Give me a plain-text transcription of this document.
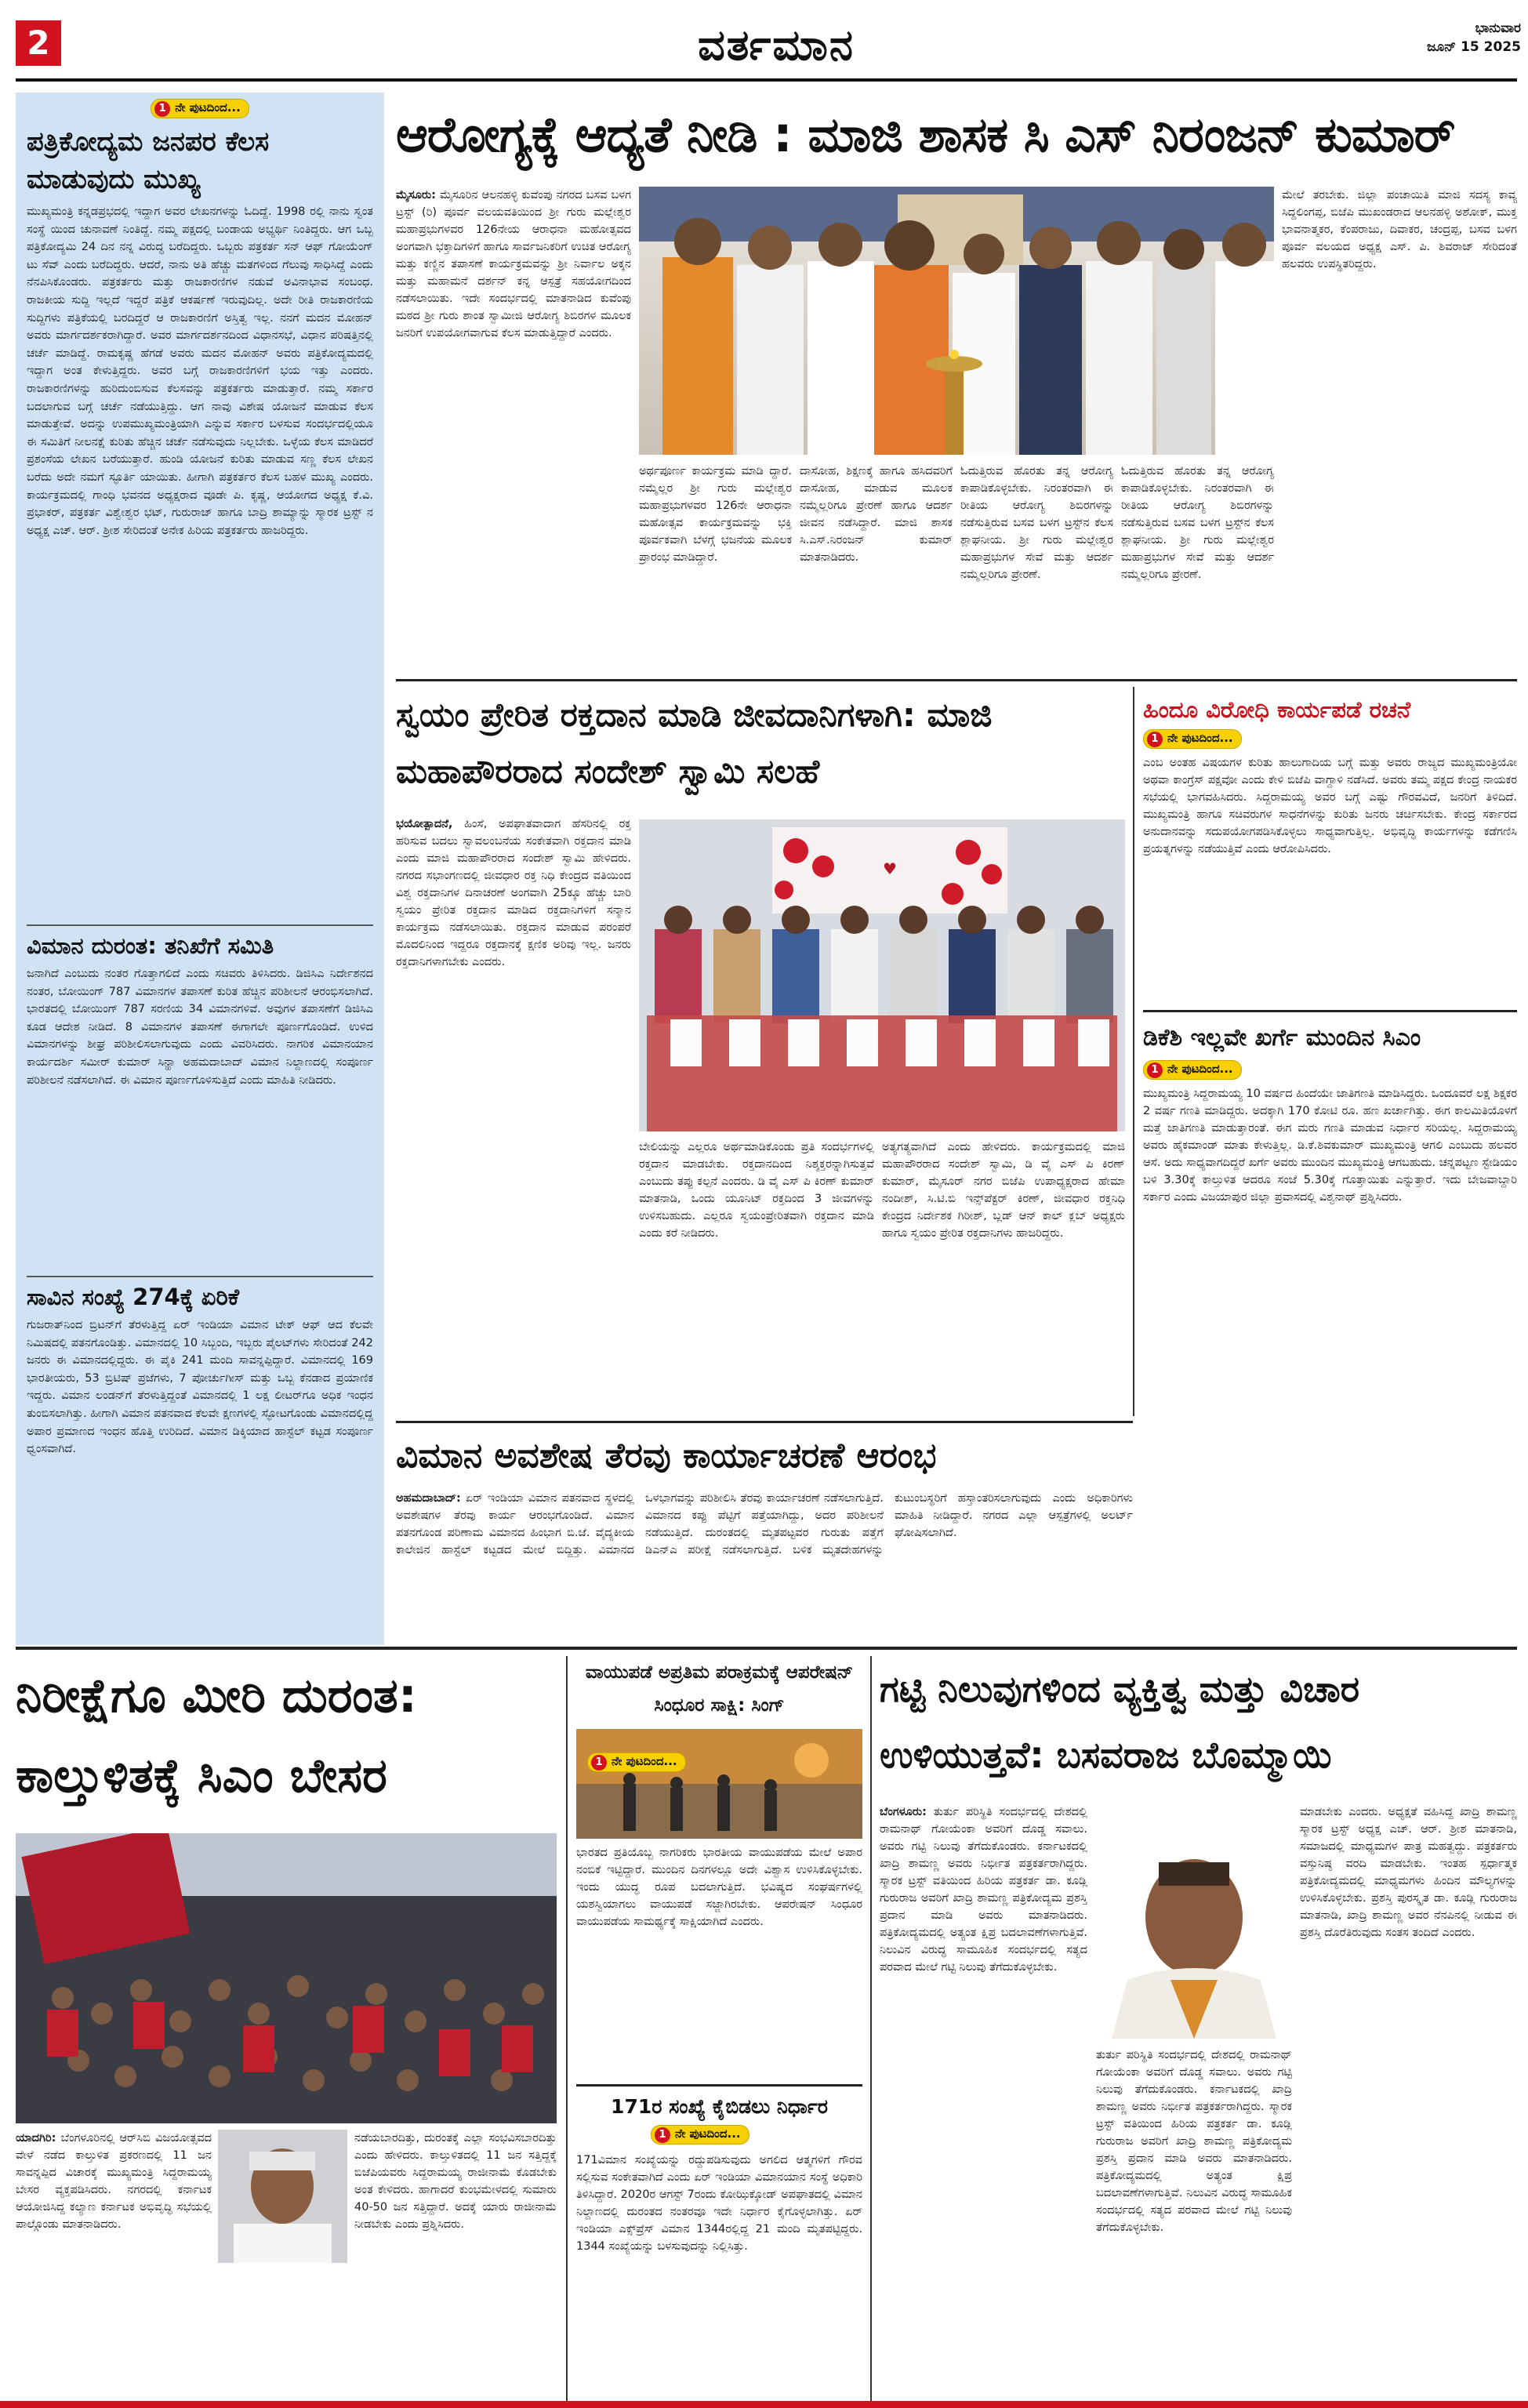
2	ವರ್ತಮಾನ	ಭಾನುವಾರ
ಜೂನ್ 15 2025
1 ನೇ ಪುಟದಿಂದ...
ಪತ್ರಿಕೋದ್ಯಮ ಜನಪರ ಕೆಲಸ ಮಾಡುವುದು ಮುಖ್ಯ
ಮುಖ್ಯಮಂತ್ರಿ ಕನ್ನಡಪ್ರಭದಲ್ಲಿ ಇದ್ದಾಗ ಅವರ ಲೇಖನಗಳನ್ನು ಓದಿದ್ದೆ. 1998 ರಲ್ಲಿ ನಾನು ಸ್ವಂತ ಸಂಸ್ಥೆ ಯಿಂದ ಚುನಾವಣೆ ನಿಂತಿದ್ದೆ. ನಮ್ಮ ಪಕ್ಷದಲ್ಲಿ ಬಂಡಾಯ ಅಭ್ಯರ್ಥಿ ನಿಂತಿದ್ದರು. ಆಗ ಒಬ್ಬ ಪತ್ರಿಕೋದ್ಯಮಿ 24 ದಿನ ನನ್ನ ವಿರುದ್ಧ ಬರೆದಿದ್ದರು. ಒಬ್ಬರು ಪತ್ರಕರ್ತ ಸನ್ ಆಫ್ ಗೋಯೆಂಗ್ ಟು ಸೆವ್ ಎಂದು ಬರೆದಿದ್ದರು. ಆದರೆ, ನಾನು ಅತಿ ಹೆಚ್ಚು ಮತಗಳಿಂದ ಗೆಲುವು ಸಾಧಿಸಿದ್ದೆ ಎಂದು ನೆನಪಿಸಿಕೊಂಡರು. ಪತ್ರಕರ್ತರು ಮತ್ತು ರಾಜಕಾರಣಿಗಳ ನಡುವೆ ಅವಿನಾಭಾವ ಸಂಬಂಧ. ರಾಜಕೀಯ ಸುದ್ದಿ ಇಲ್ಲದೆ ಇದ್ದರೆ ಪತ್ರಿಕೆ ಆಕರ್ಷಣೆ ಇರುವುದಿಲ್ಲ. ಅದೇ ರೀತಿ ರಾಜಕಾರಣಿಯ ಸುದ್ದಿಗಳು ಪತ್ರಿಕೆಯಲ್ಲಿ ಬರದಿದ್ದರೆ ಆ ರಾಜಕಾರಣಿಗೆ ಅಸ್ತಿತ್ವ ಇಲ್ಲ. ನನಗೆ ಮದನ ಮೋಹನ್ ಅವರು ಮಾರ್ಗದರ್ಶಕರಾಗಿದ್ದಾರೆ. ಅವರ ಮಾರ್ಗದರ್ಶನದಿಂದ ವಿಧಾನಸಭೆ, ವಿಧಾನ ಪರಿಷತ್ತಿನಲ್ಲಿ ಚರ್ಚೆ ಮಾಡಿದ್ದೆ. ರಾಮಕೃಷ್ಣ ಹೆಗಡೆ ಅವರು ಮದನ ಮೋಹನ್ ಅವರು ಪತ್ರಿಕೋದ್ಯಮದಲ್ಲಿ ಇದ್ದಾಗ ಅಂತ ಕೇಳುತ್ತಿದ್ದರು. ಅವರ ಬಗ್ಗೆ ರಾಜಕಾರಣಿಗಳಿಗೆ ಭಯ ಇತ್ತು ಎಂದರು. ರಾಜಕಾರಣಿಗಳನ್ನು ಹುರಿದುಂಬಿಸುವ ಕೆಲಸವನ್ನು ಪತ್ರಕರ್ತರು ಮಾಡುತ್ತಾರೆ. ನಮ್ಮ ಸರ್ಕಾರ ಬದಲಾಗುವ ಬಗ್ಗೆ ಚರ್ಚೆ ನಡೆಯುತ್ತಿದ್ದು. ಆಗ ನಾವು ವಿಶೇಷ ಯೋಜನೆ ಮಾಡುವ ಕೆಲಸ ಮಾಡುತ್ತೇವೆ. ಅದನ್ನು ಉಪಮುಖ್ಯಮಂತ್ರಿಯಾಗಿ ಎನ್ನುವ ಸರ್ಕಾರ ಬಳಸುವ ಸಂದರ್ಭದಲ್ಲಿಯೂ ಈ ಸಮಿತಿಗೆ ನೀಲನಕ್ಷೆ ಕುರಿತು ಹೆಚ್ಚಿನ ಚರ್ಚೆ ನಡೆಸುವುದು ನಿಲ್ಲಬೇಕು. ಒಳ್ಳೆಯ ಕೆಲಸ ಮಾಡಿದರೆ ಪ್ರಶಂಸೆಯ ಲೇಖನ ಬರೆಯುತ್ತಾರೆ. ಹುಂಡಿ ಯೋಜನೆ ಕುರಿತು ಮಾಡುವ ಸಣ್ಣ ಕೆಲಸ ಲೇಖನ ಬರೆದು ಅದೇ ನಮಗೆ ಸ್ಫೂರ್ತಿ ಯಾಯಿತು. ಹೀಗಾಗಿ ಪತ್ರಕರ್ತರ ಕೆಲಸ ಬಹಳ ಮುಖ್ಯ ಎಂದರು. ಕಾರ್ಯಕ್ರಮದಲ್ಲಿ ಗಾಂಧಿ ಭವನದ ಅಧ್ಯಕ್ಷರಾದ ವೂಡೇ ಪಿ. ಕೃಷ್ಣ, ಆಯೋಗದ ಅಧ್ಯಕ್ಷ ಕೆ.ವಿ. ಪ್ರಭಾಕರ್, ಪತ್ರಕರ್ತ ವಿಶ್ವೇಶ್ವರ ಭಟ್, ಗುರುರಾಜ್ ಹಾಗೂ ಬಾದ್ರಿ ಶಾಮ್ಯಾನ್ನು ಸ್ಮಾರಕ ಟ್ರಸ್ಟ್ ನ ಅಧ್ಯಕ್ಷ ಎಚ್. ಆರ್. ಶ್ರೀಶ ಸೇರಿದಂತೆ ಅನೇಕ ಹಿರಿಯ ಪತ್ರಕರ್ತರು ಹಾಜರಿದ್ದರು.
ವಿಮಾನ ದುರಂತ: ತನಿಖೆಗೆ ಸಮಿತಿ
ಜನಾಗಿದೆ ಎಂಬುದು ನಂತರ ಗೊತ್ತಾಗಲಿದೆ ಎಂದು ಸಚಿವರು ತಿಳಿಸಿದರು. ಡಿಜಿಸಿಎ ನಿರ್ದೇಶನದ ನಂತರ, ಬೋಯಿಂಗ್ 787 ವಿಮಾನಗಳ ತಪಾಸಣೆ ಕುರಿತ ಹೆಚ್ಚಿನ ಪರಿಶೀಲನೆ ಆರಂಭಿಸಲಾಗಿದೆ. ಭಾರತದಲ್ಲಿ ಬೋಯಿಂಗ್ 787 ಸರಣಿಯ 34 ವಿಮಾನಗಳಿವೆ. ಅವುಗಳ ತಪಾಸಣೆಗೆ ಡಿಜಿಸಿಎ ಕೂಡ ಆದೇಶ ನೀಡಿದೆ. 8 ವಿಮಾನಗಳ ತಪಾಸಣೆ ಈಗಾಗಲೇ ಪೂರ್ಣಗೊಂಡಿದೆ. ಉಳಿದ ವಿಮಾನಗಳನ್ನು ಶೀಘ್ರ ಪರಿಶೀಲಿಸಲಾಗುವುದು ಎಂದು ವಿವರಿಸಿದರು. ನಾಗರಿಕ ವಿಮಾನಯಾನ ಕಾರ್ಯದರ್ಶಿ ಸಮೀರ್ ಕುಮಾರ್ ಸಿನ್ಹಾ ಅಹಮದಾಬಾದ್ ವಿಮಾನ ನಿಲ್ದಾಣದಲ್ಲಿ ಸಂಪೂರ್ಣ ಪರಿಶೀಲನೆ ನಡೆಸಲಾಗಿದೆ. ಈ ವಿಮಾನ ಪೂರ್ಣಗೊಳಿಸುತ್ತಿದೆ ಎಂದು ಮಾಹಿತಿ ನೀಡಿದರು.
ಸಾವಿನ ಸಂಖ್ಯೆ 274ಕ್ಕೆ ಏರಿಕೆ
ಗುಜರಾತ್‌ನಿಂದ ಬ್ರಿಟನ್‌ಗೆ ತೆರಳುತ್ತಿದ್ದ ಏರ್ ಇಂಡಿಯಾ ವಿಮಾನ ಟೇಕ್ ಆಫ್ ಆದ ಕೆಲವೇ ನಿಮಿಷದಲ್ಲಿ ಪತನಗೊಂಡಿತ್ತು. ವಿಮಾನದಲ್ಲಿ 10 ಸಿಬ್ಬಂದಿ, ಇಬ್ಬರು ಪೈಲಟ್‌ಗಳು ಸೇರಿದಂತೆ 242 ಜನರು ಈ ವಿಮಾನದಲ್ಲಿದ್ದರು. ಈ ಪೈಕಿ 241 ಮಂದಿ ಸಾವನ್ನಪ್ಪಿದ್ದಾರೆ. ವಿಮಾನದಲ್ಲಿ 169 ಭಾರತೀಯರು, 53 ಬ್ರಿಟಿಷ್ ಪ್ರಜೆಗಳು, 7 ಪೋರ್ಚುಗೀಸ್ ಮತ್ತು ಒಬ್ಬ ಕೆನಡಾದ ಪ್ರಯಾಣಿಕ ಇದ್ದರು. ವಿಮಾನ ಲಂಡನ್‌ಗೆ ತೆರಳುತ್ತಿದ್ದಂತೆ ವಿಮಾನದಲ್ಲಿ 1 ಲಕ್ಷ ಲೀಟರ್‌ಗೂ ಅಧಿಕ ಇಂಧನ ತುಂಬಿಸಲಾಗಿತ್ತು. ಹೀಗಾಗಿ ವಿಮಾನ ಪತನವಾದ ಕೆಲವೇ ಕ್ಷಣಗಳಲ್ಲಿ ಸ್ಫೋಟಗೊಂಡು ವಿಮಾನದಲ್ಲಿದ್ದ ಅಪಾರ ಪ್ರಮಾಣದ ಇಂಧನ ಹೊತ್ತಿ ಉರಿದಿದೆ. ವಿಮಾನ ಡಿಕ್ಕಿಯಾದ ಹಾಸ್ಟೆಲ್ ಕಟ್ಟಡ ಸಂಪೂರ್ಣ ಧ್ವಂಸವಾಗಿದೆ.
ಆರೋಗ್ಯಕ್ಕೆ ಆದ್ಯತೆ ನೀಡಿ : ಮಾಜಿ ಶಾಸಕ ಸಿ ಎಸ್ ನಿರಂಜನ್ ಕುಮಾರ್
ಮೈಸೂರು: ಮೈಸೂರಿನ ಆಲನಹಳ್ಳಿ ಕುವೆಂಪು ನಗರದ ಬಸವ ಬಳಗ ಟ್ರಸ್ಟ್ (ರಿ) ಪೂರ್ವ ವಲಯವತಿಯಿಂದ ಶ್ರೀ ಗುರು ಮಲ್ಲೇಶ್ವರ ಮಹಾಪ್ರಭುಗಳವರ 126ನೇಯ ಆರಾಧನಾ ಮಹೋತ್ಸವದ ಅಂಗವಾಗಿ ಭಕ್ತಾದಿಗಳಿಗೆ ಹಾಗೂ ಸಾರ್ವಜನಿಕರಿಗೆ ಉಚಿತ ಆರೋಗ್ಯ ಮತ್ತು ಕಣ್ಣಿನ ತಪಾಸಣೆ ಕಾರ್ಯಕ್ರಮವನ್ನು ಶ್ರೀ ನಿರ್ವಾಲ ಅಕ್ಕನ ಮತ್ತು ಮಹಾಮನೆ ದರ್ಶನ್ ಕನ್ನ ಆಸ್ಪತ್ರೆ ಸಹಯೋಗದಿಂದ ನಡೆಸಲಾಯಿತು. ಇದೇ ಸಂದರ್ಭದಲ್ಲಿ ಮಾತನಾಡಿದ ಕುವೆಂಪು ಮಠದ ಶ್ರೀ ಗುರು ಶಾಂತ ಸ್ವಾಮೀಜಿ ಆರೋಗ್ಯ ಶಿಬಿರಗಳ ಮೂಲಕ ಜನರಿಗೆ ಉಪಯೋಗವಾಗುವ ಕೆಲಸ ಮಾಡುತ್ತಿದ್ದಾರೆ ಎಂದರು.
ಅರ್ಥಪೂರ್ಣ ಕಾರ್ಯಕ್ರಮ ಮಾಡಿ ದ್ದಾರೆ. ನಮ್ಮೆಲ್ಲರ ಶ್ರೀ ಗುರು ಮಲ್ಲೇಶ್ವರ ಮಹಾಪ್ರಭುಗಳವರ 126ನೇ ಆರಾಧನಾ ಮಹೋತ್ಸವ ಕಾರ್ಯಕ್ರಮವನ್ನು ಭಕ್ತಿ ಪೂರ್ವಕವಾಗಿ ಬೆಳಗ್ಗೆ ಭಜನೆಯ ಮೂಲಕ ಪ್ರಾರಂಭ ಮಾಡಿದ್ದಾರೆ.
ದಾಸೋಹ, ಶಿಕ್ಷಣಕ್ಕೆ ಹಾಗೂ ಹಸಿದವರಿಗೆ ದಾಸೋಹ, ಮಾಡುವ ಮೂಲಕ ನಮ್ಮೆಲ್ಲರಿಗೂ ಪ್ರೇರಣೆ ಹಾಗೂ ಆದರ್ಶ ಜೀವನ ನಡೆಸಿದ್ದಾರೆ. ಮಾಜಿ ಶಾಸಕ ಸಿ.ಎಸ್.ನಿರಂಜನ್ ಕುಮಾರ್ ಮಾತನಾಡಿದರು.
ಓದುತ್ತಿರುವ ಹೊರತು ತನ್ನ ಆರೋಗ್ಯ ಕಾಪಾಡಿಕೊಳ್ಳಬೇಕು. ನಿರಂತರವಾಗಿ ಈ ರೀತಿಯ ಆರೋಗ್ಯ ಶಿಬಿರಗಳನ್ನು ನಡೆಸುತ್ತಿರುವ ಬಸವ ಬಳಗ ಟ್ರಸ್ಟ್‌ನ ಕೆಲಸ ಶ್ಲಾಘನೀಯ. ಶ್ರೀ ಗುರು ಮಲ್ಲೇಶ್ವರ ಮಹಾಪ್ರಭುಗಳ ಸೇವೆ ಮತ್ತು ಆದರ್ಶ ನಮ್ಮೆಲ್ಲರಿಗೂ ಪ್ರೇರಣೆ.
ಓದುತ್ತಿರುವ ಹೊರತು ತನ್ನ ಆರೋಗ್ಯ ಕಾಪಾಡಿಕೊಳ್ಳಬೇಕು. ನಿರಂತರವಾಗಿ ಈ ರೀತಿಯ ಆರೋಗ್ಯ ಶಿಬಿರಗಳನ್ನು ನಡೆಸುತ್ತಿರುವ ಬಸವ ಬಳಗ ಟ್ರಸ್ಟ್‌ನ ಕೆಲಸ ಶ್ಲಾಘನೀಯ. ಶ್ರೀ ಗುರು ಮಲ್ಲೇಶ್ವರ ಮಹಾಪ್ರಭುಗಳ ಸೇವೆ ಮತ್ತು ಆದರ್ಶ ನಮ್ಮೆಲ್ಲರಿಗೂ ಪ್ರೇರಣೆ.
ಮೇಲೆ ತರಬೇಕು. ಜಿಲ್ಲಾ ಪಂಚಾಯಿತಿ ಮಾಜಿ ಸದಸ್ಯ ಕಾವ್ಯ ಸಿದ್ದಲಿಂಗಪ್ಪ, ಬಿಜೆಪಿ ಮುಖಂಡರಾದ ಆಲನಹಳ್ಳಿ ಅಶೋಕ್, ಮುಕ್ತ ಭಾವನಾತ್ಮಕರ, ಕೆಂಪರಾಜು, ದಿವಾಕರ, ಚಂದ್ರಪ್ಪ, ಬಸವ ಬಳಗ ಪೂರ್ವ ವಲಯದ ಅಧ್ಯಕ್ಷ ಎಸ್. ಪಿ. ಶಿವರಾಜ್ ಸೇರಿದಂತೆ ಹಲವರು ಉಪಸ್ಥಿತರಿದ್ದರು.
ಸ್ವಯಂ ಪ್ರೇರಿತ ರಕ್ತದಾನ ಮಾಡಿ ಜೀವದಾನಿಗಳಾಗಿ: ಮಾಜಿ ಮಹಾಪೌರರಾದ ಸಂದೇಶ್ ಸ್ವಾಮಿ ಸಲಹೆ
ಭಯೋತ್ಪಾದನೆ, ಹಿಂಸೆ, ಅಪಘಾತವಾದಾಗ ಹೆಸರಿನಲ್ಲಿ ರಕ್ತ ಹರಿಸುವ ಬದಲು ಸ್ವಾವಲಂಬನೆಯ ಸಂಕೇತವಾಗಿ ರಕ್ತದಾನ ಮಾಡಿ ಎಂದು ಮಾಜಿ ಮಹಾಪೌರರಾದ ಸಂದೇಶ್ ಸ್ವಾಮಿ ಹೇಳಿದರು. ನಗರದ ಸಭಾಂಗಣದಲ್ಲಿ ಜೀವಧಾರ ರಕ್ತ ನಿಧಿ ಕೇಂದ್ರದ ವತಿಯಿಂದ ವಿಶ್ವ ರಕ್ತದಾನಿಗಳ ದಿನಾಚರಣೆ ಅಂಗವಾಗಿ 25ಕ್ಕೂ ಹೆಚ್ಚು ಬಾರಿ ಸ್ವಯಂ ಪ್ರೇರಿತ ರಕ್ತದಾನ ಮಾಡಿದ ರಕ್ತದಾನಿಗಳಿಗೆ ಸನ್ಮಾನ ಕಾರ್ಯಕ್ರಮ ನಡೆಸಲಾಯಿತು. ರಕ್ತದಾನ ಮಾಡುವ ಪರಂಪರೆ ಮೊದಲಿನಿಂದ ಇದ್ದರೂ ರಕ್ತದಾನಕ್ಕೆ ಕ್ಷಣಿಕ ಅರಿವು ಇಲ್ಲ. ಜನರು ರಕ್ತದಾನಿಗಳಾಗಬೇಕು ಎಂದರು.
♥
ಬೇಲಿಯನ್ನು ಎಲ್ಲರೂ ಅರ್ಥಮಾಡಿಕೊಂಡು ಪ್ರತಿ ಸಂದರ್ಭಗಳಲ್ಲಿ ರಕ್ತದಾನ ಮಾಡಬೇಕು. ರಕ್ತದಾನದಿಂದ ನಿಶ್ಶಕ್ತರನ್ನಾಗಿಸುತ್ತವೆ ಎಂಬುದು ತಪ್ಪು ಕಲ್ಪನೆ ಎಂದರು. ಡಿ ವೈ ಎಸ್ ಪಿ ಕಿರಣ್ ಕುಮಾರ್ ಮಾತನಾಡಿ, ಒಂದು ಯೂನಿಟ್ ರಕ್ತದಿಂದ 3 ಜೀವಗಳನ್ನು ಉಳಿಸಬಹುದು. ಎಲ್ಲರೂ ಸ್ವಯಂಪ್ರೇರಿತವಾಗಿ ರಕ್ತದಾನ ಮಾಡಿ ಎಂದು ಕರೆ ನೀಡಿದರು.
ಅತ್ಯಗತ್ಯವಾಗಿದೆ ಎಂದು ಹೇಳಿದರು. ಕಾರ್ಯಕ್ರಮದಲ್ಲಿ ಮಾಜಿ ಮಹಾಪೌರರಾದ ಸಂದೇಶ್ ಸ್ವಾಮಿ, ಡಿ ವೈ ಎಸ್ ಪಿ ಕಿರಣ್ ಕುಮಾರ್, ಮೈಸೂರ್ ನಗರ ಬಿಜೆಪಿ ಉಪಾಧ್ಯಕ್ಷರಾದ ಹೇಮಾ ನಂದೀಶ್, ಸಿ.ಟಿ.ಬಿ ಇನ್ಸ್‌ಪೆಕ್ಟರ್ ಕಿರಣ್, ಜೀವಧಾರ ರಕ್ತನಿಧಿ ಕೇಂದ್ರದ ನಿರ್ದೇಶಕ ಗಿರೀಶ್, ಬ್ಲಡ್ ಆನ್ ಕಾಲ್ ಕ್ಲಬ್ ಅಧ್ಯಕ್ಷರು ಹಾಗೂ ಸ್ವಯಂ ಪ್ರೇರಿತ ರಕ್ತದಾನಿಗಳು ಹಾಜರಿದ್ದರು.
ಹಿಂದೂ ವಿರೋಧಿ ಕಾರ್ಯಪಡೆ ರಚನೆ
1 ನೇ ಪುಟದಿಂದ...
ಎಂಬ ಅಂತಹ ವಿಷಯಗಳ ಕುರಿತು ಹಾಲುಗಾದಿಯ ಬಗ್ಗೆ ಮತ್ತು ಅವರು ರಾಜ್ಯದ ಮುಖ್ಯಮಂತ್ರಿಯೋ ಅಥವಾ ಕಾಂಗ್ರೆಸ್ ಪಕ್ಷವೋ ಎಂದು ಕೇಳಿ ಬಿಜೆಪಿ ವಾಗ್ದಾಳಿ ನಡೆಸಿದೆ. ಅವರು ತಮ್ಮ ಪಕ್ಷದ ಕೇಂದ್ರ ನಾಯಕರ ಸಭೆಯಲ್ಲಿ ಭಾಗವಹಿಸಿದರು. ಸಿದ್ದರಾಮಯ್ಯ ಅವರ ಬಗ್ಗೆ ಎಷ್ಟು ಗೌರವವಿದೆ, ಜನರಿಗೆ ತಿಳಿದಿದೆ. ಮುಖ್ಯಮಂತ್ರಿ ಹಾಗೂ ಸಚಿವರುಗಳ ಸಾಧನೆಗಳನ್ನು ಕುರಿತು ಜನರು ಚರ್ಚಿಸಬೇಕು. ಕೇಂದ್ರ ಸರ್ಕಾರದ ಅನುದಾನವನ್ನು ಸದುಪಯೋಗಪಡಿಸಿಕೊಳ್ಳಲು ಸಾಧ್ಯವಾಗುತ್ತಿಲ್ಲ. ಅಭಿವೃದ್ಧಿ ಕಾರ್ಯಗಳನ್ನು ಕಡೆಗಣಿಸಿ ಪ್ರಯತ್ನಗಳನ್ನು ನಡೆಯುತ್ತಿವೆ ಎಂದು ಆರೋಪಿಸಿದರು.
ಡಿಕೆಶಿ ಇಲ್ಲವೇ ಖರ್ಗೆ ಮುಂದಿನ ಸಿಎಂ
1 ನೇ ಪುಟದಿಂದ...
ಮುಖ್ಯಮಂತ್ರಿ ಸಿದ್ದರಾಮಯ್ಯ 10 ವರ್ಷದ ಹಿಂದೆಯೇ ಜಾತಿಗಣತಿ ಮಾಡಿಸಿದ್ದರು. ಒಂದೂವರೆ ಲಕ್ಷ ಶಿಕ್ಷಕರ 2 ವರ್ಷ ಗಣತಿ ಮಾಡಿದ್ದರು. ಅದಕ್ಕಾಗಿ 170 ಕೋಟಿ ರೂ. ಹಣ ಖರ್ಚಾಗಿತ್ತು. ಈಗ ಕಾಲಮಿತಿಯೊಳಗೆ ಮತ್ತೆ ಜಾತಿಗಣತಿ ಮಾಡುತ್ತಾರಂತೆ. ಈಗ ಮರು ಗಣತಿ ಮಾಡುವ ನಿರ್ಧಾರ ಸರಿಯಲ್ಲ. ಸಿದ್ದರಾಮಯ್ಯ ಅವರು ಹೈಕಮಾಂಡ್ ಮಾತು ಕೇಳುತ್ತಿಲ್ಲ. ಡಿ.ಕೆ.ಶಿವಕುಮಾರ್ ಮುಖ್ಯಮಂತ್ರಿ ಆಗಲಿ ಎಂಬುದು ಹಲವರ ಆಸೆ. ಅದು ಸಾಧ್ಯವಾಗದಿದ್ದರೆ ಖರ್ಗೆ ಅವರು ಮುಂದಿನ ಮುಖ್ಯಮಂತ್ರಿ ಆಗಬಹುದು. ಚನ್ನಪಟ್ಟಣ ಸ್ಟೇಡಿಯಂ ಬಳಿ 3.30ಕ್ಕೆ ಕಾಲ್ತುಳಿತ ಆದರೂ ಸಂಜೆ 5.30ಕ್ಕೆ ಗೊತ್ತಾಯಿತು ಎನ್ನುತ್ತಾರೆ. ಇದು ಬೇಜವಾಬ್ದಾರಿ ಸರ್ಕಾರ ಎಂದು ವಿಜಯಾಪುರ ಜಿಲ್ಲಾ ಪ್ರವಾಸದಲ್ಲಿ ವಿಶ್ವನಾಥ್ ಪ್ರಶ್ನಿಸಿದರು.
ವಿಮಾನ ಅವಶೇಷ ತೆರವು ಕಾರ್ಯಾಚರಣೆ ಆರಂಭ
ಅಹಮದಾಬಾದ್: ಏರ್ ಇಂಡಿಯಾ ವಿಮಾನ ಪತನವಾದ ಸ್ಥಳದಲ್ಲಿ ಅವಶೇಷಗಳ ತೆರವು ಕಾರ್ಯ ಆರಂಭಗೊಂಡಿದೆ. ವಿಮಾನ ಪತನಗೊಂಡ ಪರಿಣಾಮ ವಿಮಾನದ ಹಿಂಭಾಗ ಬಿ.ಜೆ. ವೈದ್ಯಕೀಯ ಕಾಲೇಜಿನ ಹಾಸ್ಟೆಲ್ ಕಟ್ಟಡದ ಮೇಲೆ ಬಿದ್ದಿತ್ತು. ವಿಮಾನದ ಒಳಭಾಗವನ್ನು ಪರಿಶೀಲಿಸಿ ತೆರವು ಕಾರ್ಯಾಚರಣೆ ನಡೆಸಲಾಗುತ್ತಿದೆ. ವಿಮಾನದ ಕಪ್ಪು ಪೆಟ್ಟಿಗೆ ಪತ್ತೆಯಾಗಿದ್ದು, ಅದರ ಪರಿಶೀಲನೆ ನಡೆಯುತ್ತಿದೆ. ದುರಂತದಲ್ಲಿ ಮೃತಪಟ್ಟವರ ಗುರುತು ಪತ್ತೆಗೆ ಡಿಎನ್‌ಎ ಪರೀಕ್ಷೆ ನಡೆಸಲಾಗುತ್ತಿದೆ. ಬಳಿಕ ಮೃತದೇಹಗಳನ್ನು ಕುಟುಂಬಸ್ಥರಿಗೆ ಹಸ್ತಾಂತರಿಸಲಾಗುವುದು ಎಂದು ಅಧಿಕಾರಿಗಳು ಮಾಹಿತಿ ನೀಡಿದ್ದಾರೆ. ನಗರದ ಎಲ್ಲಾ ಆಸ್ಪತ್ರೆಗಳಲ್ಲಿ ಅಲರ್ಟ್ ಘೋಷಿಸಲಾಗಿದೆ.
ನಿರೀಕ್ಷೆಗೂ ಮೀರಿ ದುರಂತ: ಕಾಲ್ತುಳಿತಕ್ಕೆ ಸಿಎಂ ಬೇಸರ
ಯಾದಗಿರಿ: ಬೆಂಗಳೂರಿನಲ್ಲಿ ಆರ್‌ಸಿಬಿ ವಿಜಯೋತ್ಸವದ ವೇಳೆ ನಡೆದ ಕಾಲ್ತುಳಿತ ಪ್ರಕರಣದಲ್ಲಿ 11 ಜನ ಸಾವನ್ನಪ್ಪಿದ ವಿಚಾರಕ್ಕೆ ಮುಖ್ಯಮಂತ್ರಿ ಸಿದ್ದರಾಮಯ್ಯ ಬೇಸರ ವ್ಯಕ್ತಪಡಿಸಿದರು. ನಗರದಲ್ಲಿ ಕರ್ನಾಟಕ ಆಯೋಜಿಸಿದ್ದ ಕಲ್ಯಾಣ ಕರ್ನಾಟಕ ಅಭಿವೃದ್ಧಿ ಸಭೆಯಲ್ಲಿ ಪಾಲ್ಗೊಂಡು ಮಾತನಾಡಿದರು.
ನಡೆಯಬಾರದಿತ್ತು, ದುರಂತಕ್ಕೆ ಎಲ್ಲಾ ಸಂಭವಿಸಬಾರದಿತ್ತು ಎಂದು ಹೇಳಿದರು. ಕಾಲ್ತುಳಿತದಲ್ಲಿ 11 ಜನ ಸತ್ತಿದ್ದಕ್ಕೆ ಬಿಜೆಪಿಯವರು ಸಿದ್ದರಾಮಯ್ಯ ರಾಜೀನಾಮೆ ಕೊಡಬೇಕು ಅಂತ ಕೇಳಿದರು. ಹಾಗಾದರೆ ಕುಂಭಮೇಳದಲ್ಲಿ ಸುಮಾರು 40-50 ಜನ ಸತ್ತಿದ್ದಾರೆ. ಅದಕ್ಕೆ ಯಾರು ರಾಜೀನಾಮೆ ನೀಡಬೇಕು ಎಂದು ಪ್ರಶ್ನಿಸಿದರು.
ವಾಯುಪಡೆ ಅಪ್ರತಿಮ ಪರಾಕ್ರಮಕ್ಕೆ ಆಪರೇಷನ್ ಸಿಂಧೂರ ಸಾಕ್ಷಿ: ಸಿಂಗ್
1 ನೇ ಪುಟದಿಂದ...
ಭಾರತದ ಪ್ರತಿಯೊಬ್ಬ ನಾಗರಿಕರು ಭಾರತೀಯ ವಾಯುಪಡೆಯ ಮೇಲೆ ಅಪಾರ ನಂಬಿಕೆ ಇಟ್ಟಿದ್ದಾರೆ. ಮುಂದಿನ ದಿನಗಳಲ್ಲೂ ಅದೇ ವಿಶ್ವಾಸ ಉಳಿಸಿಕೊಳ್ಳಬೇಕು. ಇಂದು ಯುದ್ಧ ರೂಪ ಬದಲಾಗುತ್ತಿದೆ. ಭವಿಷ್ಯದ ಸಂಘರ್ಷಗಳಲ್ಲಿ ಯಶಸ್ವಿಯಾಗಲು ವಾಯುಪಡೆ ಸಜ್ಜಾಗಿರಬೇಕು. ಆಪರೇಷನ್ ಸಿಂಧೂರ ವಾಯುಪಡೆಯ ಸಾಮರ್ಥ್ಯಕ್ಕೆ ಸಾಕ್ಷಿಯಾಗಿದೆ ಎಂದರು.
171ರ ಸಂಖ್ಯೆ ಕೈಬಿಡಲು ನಿರ್ಧಾರ
1 ನೇ ಪುಟದಿಂದ...
171ವಿಮಾನ ಸಂಖ್ಯೆಯನ್ನು ರದ್ದುಪಡಿಸುವುದು ಅಗಲಿದ ಆತ್ಮಗಳಿಗೆ ಗೌರವ ಸಲ್ಲಿಸುವ ಸಂಕೇತವಾಗಿದೆ ಎಂದು ಏರ್ ಇಂಡಿಯಾ ವಿಮಾನಯಾನ ಸಂಸ್ಥೆ ಅಧಿಕಾರಿ ತಿಳಿಸಿದ್ದಾರೆ. 2020ರ ಆಗಸ್ಟ್ 7ರಂದು ಕೋಝಿಕ್ಕೋಡ್ ಅಪಘಾತದಲ್ಲಿ ವಿಮಾನ ನಿಲ್ದಾಣದಲ್ಲಿ ದುರಂತದ ನಂತರವೂ ಇದೇ ನಿರ್ಧಾರ ಕೈಗೊಳ್ಳಲಾಗಿತ್ತು. ಏರ್ ಇಂಡಿಯಾ ಎಕ್ಸ್‌ಪ್ರೆಸ್ ವಿಮಾನ 1344ರಲ್ಲಿದ್ದ 21 ಮಂದಿ ಮೃತಪಟ್ಟಿದ್ದರು. 1344 ಸಂಖ್ಯೆಯನ್ನು ಬಳಸುವುದನ್ನು ನಿಲ್ಲಿಸಿತ್ತು.
ಗಟ್ಟಿ ನಿಲುವುಗಳಿಂದ ವ್ಯಕ್ತಿತ್ವ ಮತ್ತು ವಿಚಾರ ಉಳಿಯುತ್ತವೆ: ಬಸವರಾಜ ಬೊಮ್ಮಾಯಿ
ಬೆಂಗಳೂರು: ತುರ್ತು ಪರಿಸ್ಥಿತಿ ಸಂದರ್ಭದಲ್ಲಿ ದೇಶದಲ್ಲಿ ರಾಮನಾಥ್ ಗೋಯೆಂಕಾ ಅವರಿಗೆ ದೊಡ್ಡ ಸವಾಲು. ಅವರು ಗಟ್ಟಿ ನಿಲುವು ತೆಗೆದುಕೊಂಡರು. ಕರ್ನಾಟಕದಲ್ಲಿ ಖಾದ್ರಿ ಶಾಮಣ್ಣ ಅವರು ನಿರ್ಭೀತ ಪತ್ರಕರ್ತರಾಗಿದ್ದರು. ಸ್ಮಾರಕ ಟ್ರಸ್ಟ್ ವತಿಯಿಂದ ಹಿರಿಯ ಪತ್ರಕರ್ತ ಡಾ. ಕೂಡ್ಲಿ ಗುರುರಾಜ ಅವರಿಗೆ ಖಾದ್ರಿ ಶಾಮಣ್ಣ ಪತ್ರಿಕೋದ್ಯಮ ಪ್ರಶಸ್ತಿ ಪ್ರದಾನ ಮಾಡಿ ಅವರು ಮಾತನಾಡಿದರು. ಪತ್ರಿಕೋದ್ಯಮದಲ್ಲಿ ಅತ್ಯಂತ ಕ್ಷಿಪ್ರ ಬದಲಾವಣೆಗಳಾಗುತ್ತಿವೆ. ನಿಲುವಿನ ವಿರುದ್ಧ ಸಾಮೂಹಿಕ ಸಂದರ್ಭದಲ್ಲಿ ಸತ್ಯದ ಪರವಾದ ಮೇಲೆ ಗಟ್ಟಿ ನಿಲುವು ತೆಗೆದುಕೊಳ್ಳಬೇಕು.
ತುರ್ತು ಪರಿಸ್ಥಿತಿ ಸಂದರ್ಭದಲ್ಲಿ ದೇಶದಲ್ಲಿ ರಾಮನಾಥ್ ಗೋಯೆಂಕಾ ಅವರಿಗೆ ದೊಡ್ಡ ಸವಾಲು. ಅವರು ಗಟ್ಟಿ ನಿಲುವು ತೆಗೆದುಕೊಂಡರು. ಕರ್ನಾಟಕದಲ್ಲಿ ಖಾದ್ರಿ ಶಾಮಣ್ಣ ಅವರು ನಿರ್ಭೀತ ಪತ್ರಕರ್ತರಾಗಿದ್ದರು. ಸ್ಮಾರಕ ಟ್ರಸ್ಟ್ ವತಿಯಿಂದ ಹಿರಿಯ ಪತ್ರಕರ್ತ ಡಾ. ಕೂಡ್ಲಿ ಗುರುರಾಜ ಅವರಿಗೆ ಖಾದ್ರಿ ಶಾಮಣ್ಣ ಪತ್ರಿಕೋದ್ಯಮ ಪ್ರಶಸ್ತಿ ಪ್ರದಾನ ಮಾಡಿ ಅವರು ಮಾತನಾಡಿದರು. ಪತ್ರಿಕೋದ್ಯಮದಲ್ಲಿ ಅತ್ಯಂತ ಕ್ಷಿಪ್ರ ಬದಲಾವಣೆಗಳಾಗುತ್ತಿವೆ. ನಿಲುವಿನ ವಿರುದ್ಧ ಸಾಮೂಹಿಕ ಸಂದರ್ಭದಲ್ಲಿ ಸತ್ಯದ ಪರವಾದ ಮೇಲೆ ಗಟ್ಟಿ ನಿಲುವು ತೆಗೆದುಕೊಳ್ಳಬೇಕು.
ಮಾಡಬೇಕು ಎಂದರು. ಅಧ್ಯಕ್ಷತೆ ವಹಿಸಿದ್ದ ಖಾದ್ರಿ ಶಾಮಣ್ಣ ಸ್ಮಾರಕ ಟ್ರಸ್ಟ್ ಅಧ್ಯಕ್ಷ ಎಚ್. ಆರ್. ಶ್ರೀಶ ಮಾತನಾಡಿ, ಸಮಾಜದಲ್ಲಿ ಮಾಧ್ಯಮಗಳ ಪಾತ್ರ ಮಹತ್ವದ್ದು. ಪತ್ರಕರ್ತರು ವಸ್ತುನಿಷ್ಠ ವರದಿ ಮಾಡಬೇಕು. ಇಂತಹ ಸ್ಪರ್ಧಾತ್ಮಕ ಪತ್ರಿಕೋದ್ಯಮದಲ್ಲಿ ಮಾಧ್ಯಮಗಳು ಹಿಂದಿನ ಮೌಲ್ಯಗಳನ್ನು ಉಳಿಸಿಕೊಳ್ಳಬೇಕು. ಪ್ರಶಸ್ತಿ ಪುರಸ್ಕೃತ ಡಾ. ಕೂಡ್ಲಿ ಗುರುರಾಜ ಮಾತನಾಡಿ, ಖಾದ್ರಿ ಶಾಮಣ್ಣ ಅವರ ನೆನಪಿನಲ್ಲಿ ನೀಡುವ ಈ ಪ್ರಶಸ್ತಿ ದೊರೆತಿರುವುದು ಸಂತಸ ತಂದಿದೆ ಎಂದರು.
